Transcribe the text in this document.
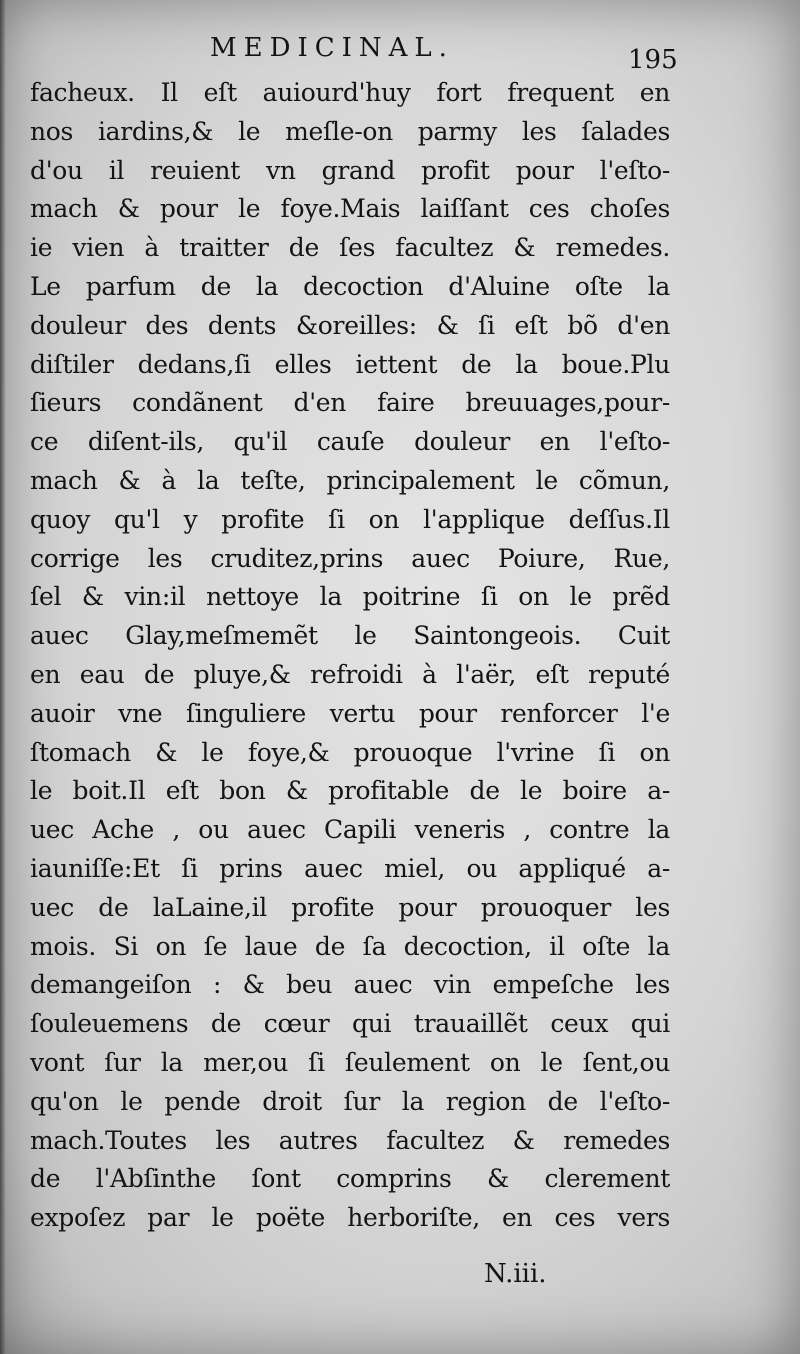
MEDICINAL.	195
facheux. Il eſt auiourd'huy fort frequent en
nos iardins,& le meſle-on parmy les ſalades
d'ou il reuient vn grand profit pour l'eſto-
mach & pour le foye.Mais laiſſant ces choſes
ie vien à traitter de ſes facultez & remedes.
Le parfum de la decoction d'Aluine oſte la
douleur des dents &oreilles: & ſi eſt bõ d'en
diſtiler dedans,ſi elles iettent de la boue.Plu
ſieurs condãnent d'en faire breuuages,pour-
ce diſent-ils, qu'il cauſe douleur en l'eſto-
mach & à la teſte, principalement le cõmun,
quoy qu'l y profite ſi on l'applique deſſus.Il
corrige les cruditez,prins auec Poiure, Rue,
ſel & vin:il nettoye la poitrine ſi on le prẽd
auec Glay,meſmemẽt le Saintongeois. Cuit
en eau de pluye,& refroidi à l'aër, eſt reputé
auoir vne ſinguliere vertu pour renforcer l'e
ſtomach & le foye,& prouoque l'vrine ſi on
le boit.Il eſt bon & profitable de le boire a-
uec Ache , ou auec Capili veneris , contre la
iauniſſe:Et ſi prins auec miel, ou appliqué a-
uec de laLaine,il profite pour prouoquer les
mois. Si on ſe laue de ſa decoction, il oſte la
demangeiſon : & beu auec vin empeſche les
ſouleuemens de cœur qui trauaillẽt ceux qui
vont ſur la mer,ou ſi ſeulement on le ſent,ou
qu'on le pende droit ſur la region de l'eſto-
mach.Toutes les autres facultez & remedes
de l'Abſinthe ſont comprins & clerement
expoſez par le poëte herboriſte, en ces vers
N.iii.
